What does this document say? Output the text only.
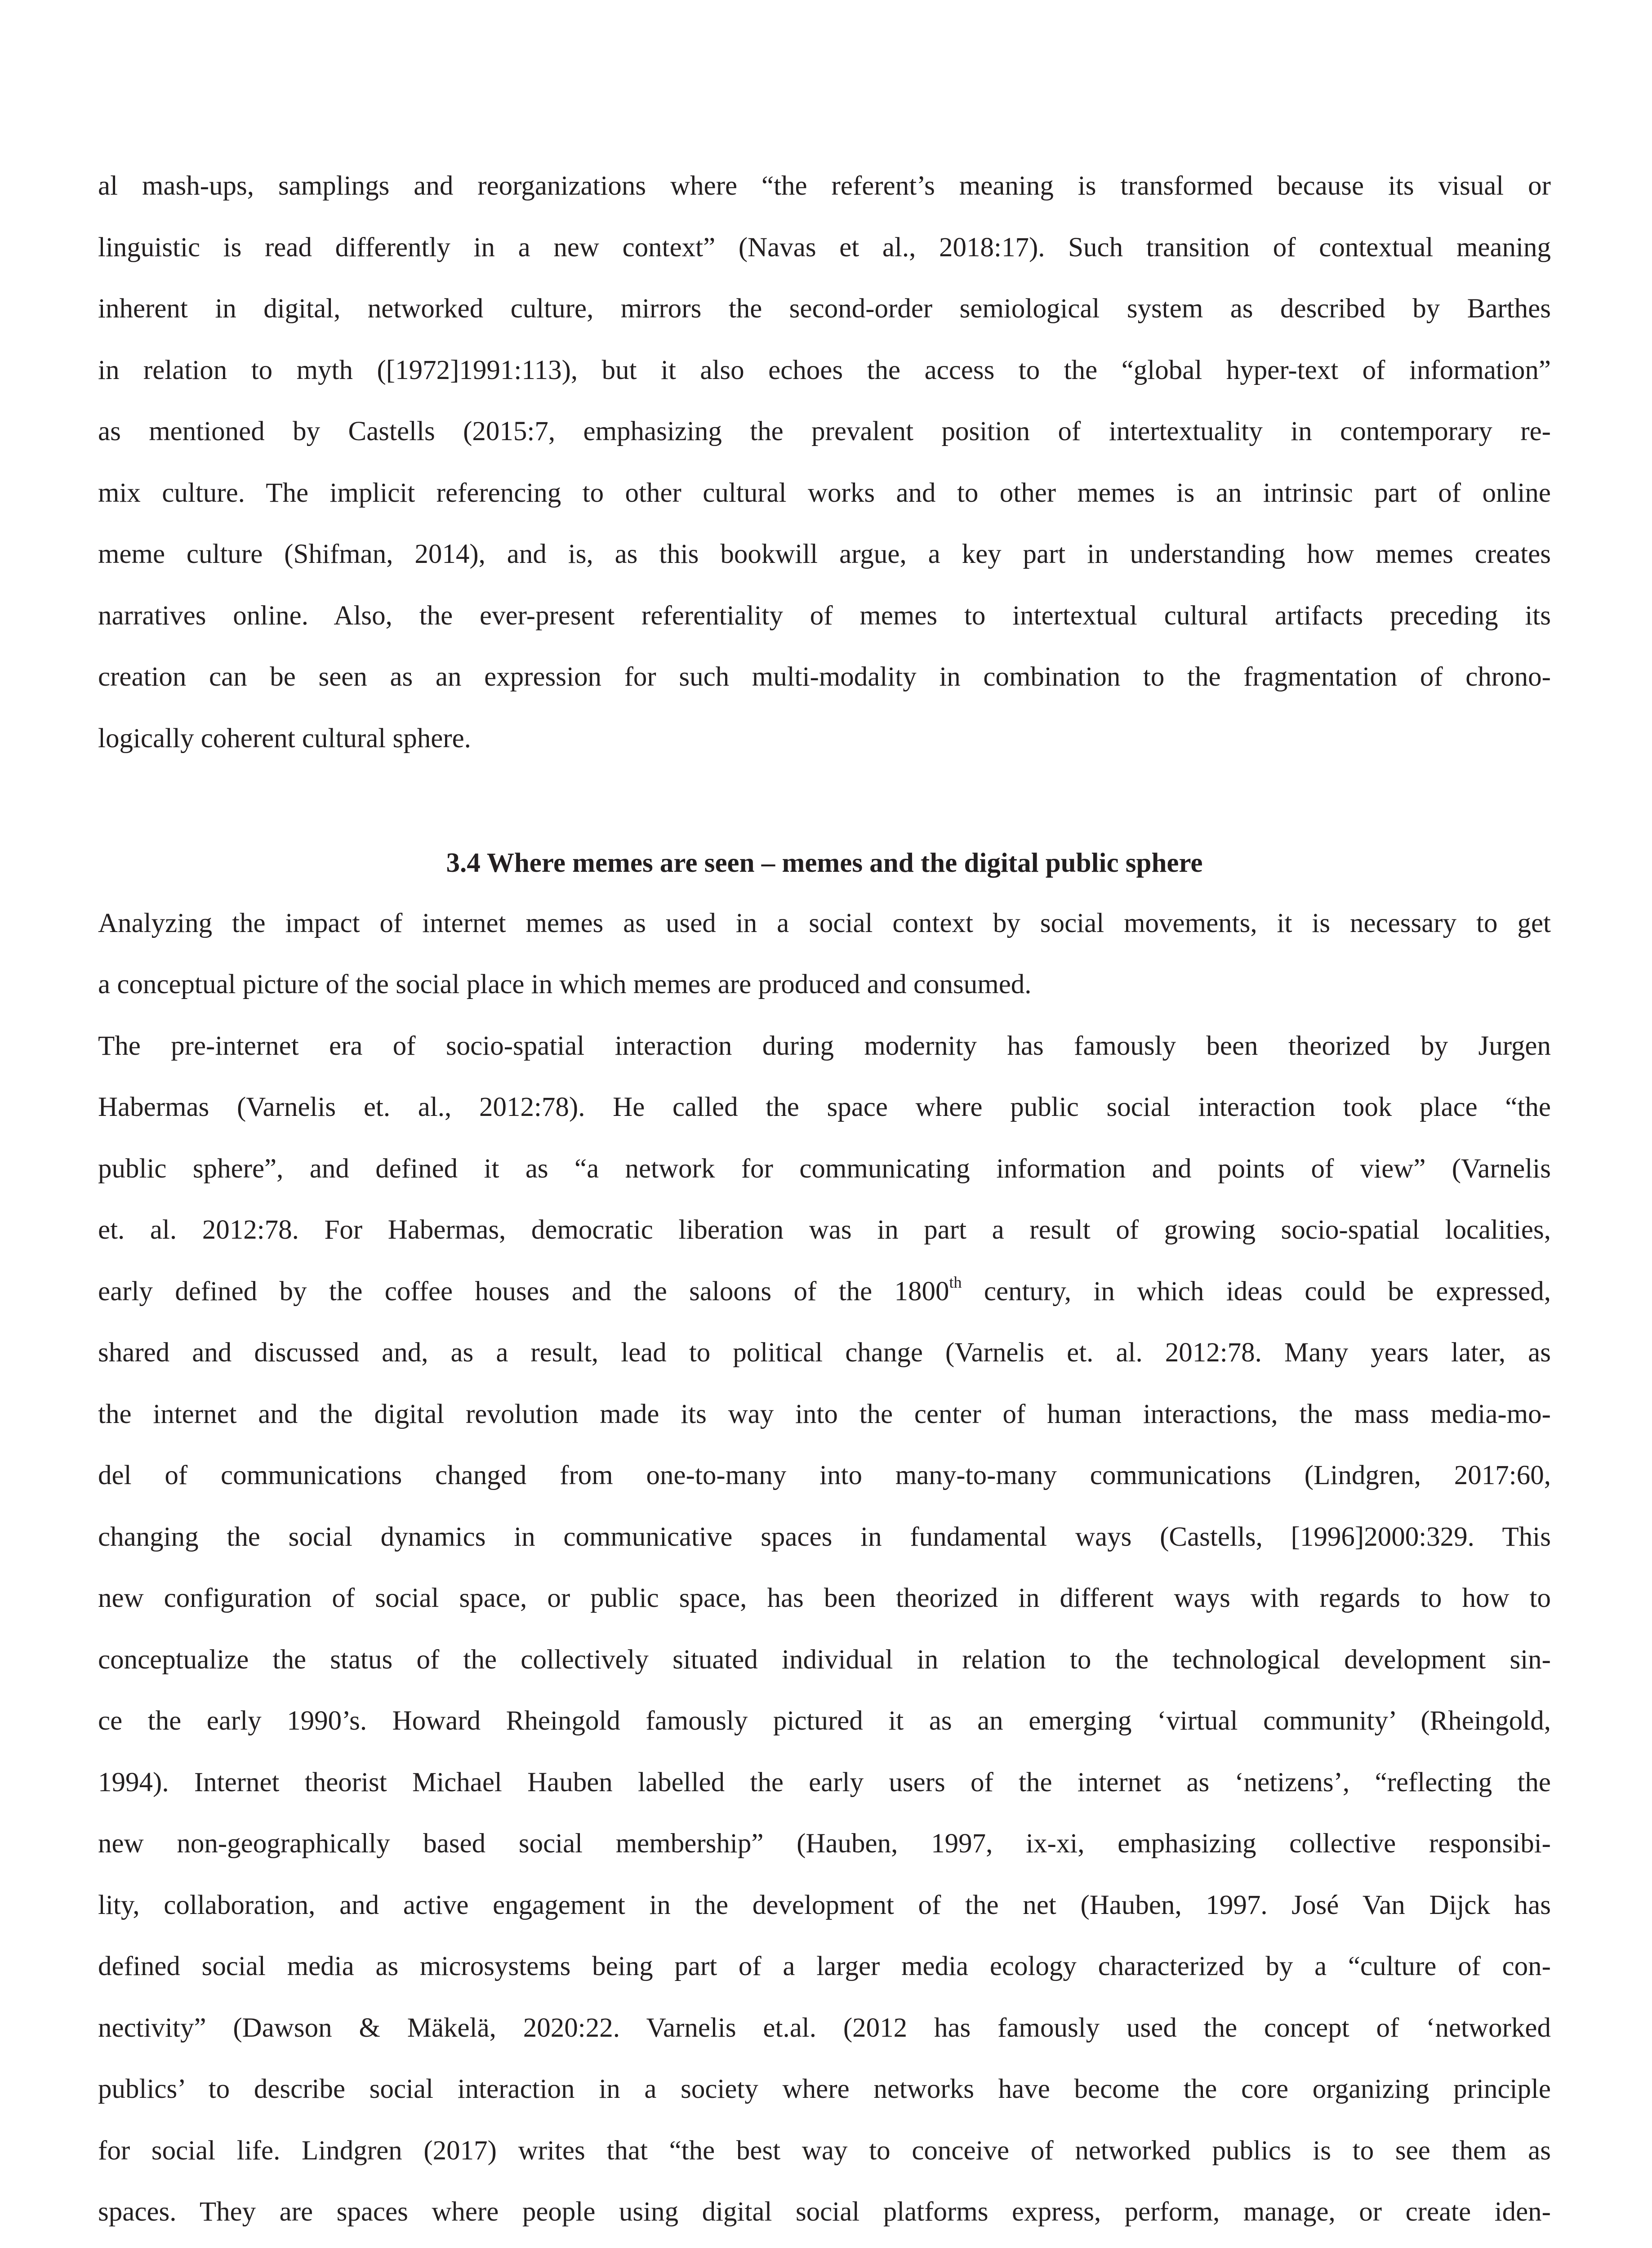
al mash-ups, samplings and reorganizations where “the referent’s meaning is transformed because its visual or
linguistic is read differently in a new context” (Navas et al., 2018:17). Such transition of contextual meaning
inherent in digital, networked culture, mirrors the second-order semiological system as described by Barthes
in relation to myth ([1972]1991:113), but it also echoes the access to the “global hyper-text of information”
as mentioned by Castells (2015:7, emphasizing the prevalent position of intertextuality in contemporary re-
mix culture. The implicit referencing to other cultural works and to other memes is an intrinsic part of online
meme culture (Shifman, 2014), and is, as this bookwill argue, a key part in understanding how memes creates
narratives online. Also, the ever-present referentiality of memes to intertextual cultural artifacts preceding its
creation can be seen as an expression for such multi-modality in combination to the fragmentation of chrono-
logically coherent cultural sphere.
3.4 Where memes are seen – memes and the digital public sphere

Analyzing the impact of internet memes as used in a social context by social movements, it is necessary to get
a conceptual picture of the social place in which memes are produced and consumed.
The pre-internet era of socio-spatial interaction during modernity has famously been theorized by Jurgen
Habermas (Varnelis et. al., 2012:78). He called the space where public social interaction took place “the
public sphere”, and defined it as “a network for communicating information and points of view” (Varnelis
et. al. 2012:78. For Habermas, democratic liberation was in part a result of growing socio-spatial localities,
early defined by the coffee houses and the saloons of the 1800th century, in which ideas could be expressed,
shared and discussed and, as a result, lead to political change (Varnelis et. al. 2012:78. Many years later, as
the internet and the digital revolution made its way into the center of human interactions, the mass media-mo-
del of communications changed from one-to-many into many-to-many communications (Lindgren, 2017:60,
changing the social dynamics in communicative spaces in fundamental ways (Castells, [1996]2000:329. This
new configuration of social space, or public space, has been theorized in different ways with regards to how to
conceptualize the status of the collectively situated individual in relation to the technological development sin-
ce the early 1990’s. Howard Rheingold famously pictured it as an emerging ‘virtual community’ (Rheingold,
1994). Internet theorist Michael Hauben labelled the early users of the internet as ‘netizens’, “reflecting the
new non-geographically based social membership” (Hauben, 1997, ix-xi, emphasizing collective responsibi-
lity, collaboration, and active engagement in the development of the net (Hauben, 1997. José Van Dijck has
defined social media as microsystems being part of a larger media ecology characterized by a “culture of con-
nectivity” (Dawson & Mäkelä, 2020:22. Varnelis et.al. (2012 has famously used the concept of ‘networked
publics’ to describe social interaction in a society where networks have become the core organizing principle
for social life. Lindgren (2017) writes that “the best way to conceive of networked publics is to see them as
spaces. They are spaces where people using digital social platforms express, perform, manage, or create iden-
